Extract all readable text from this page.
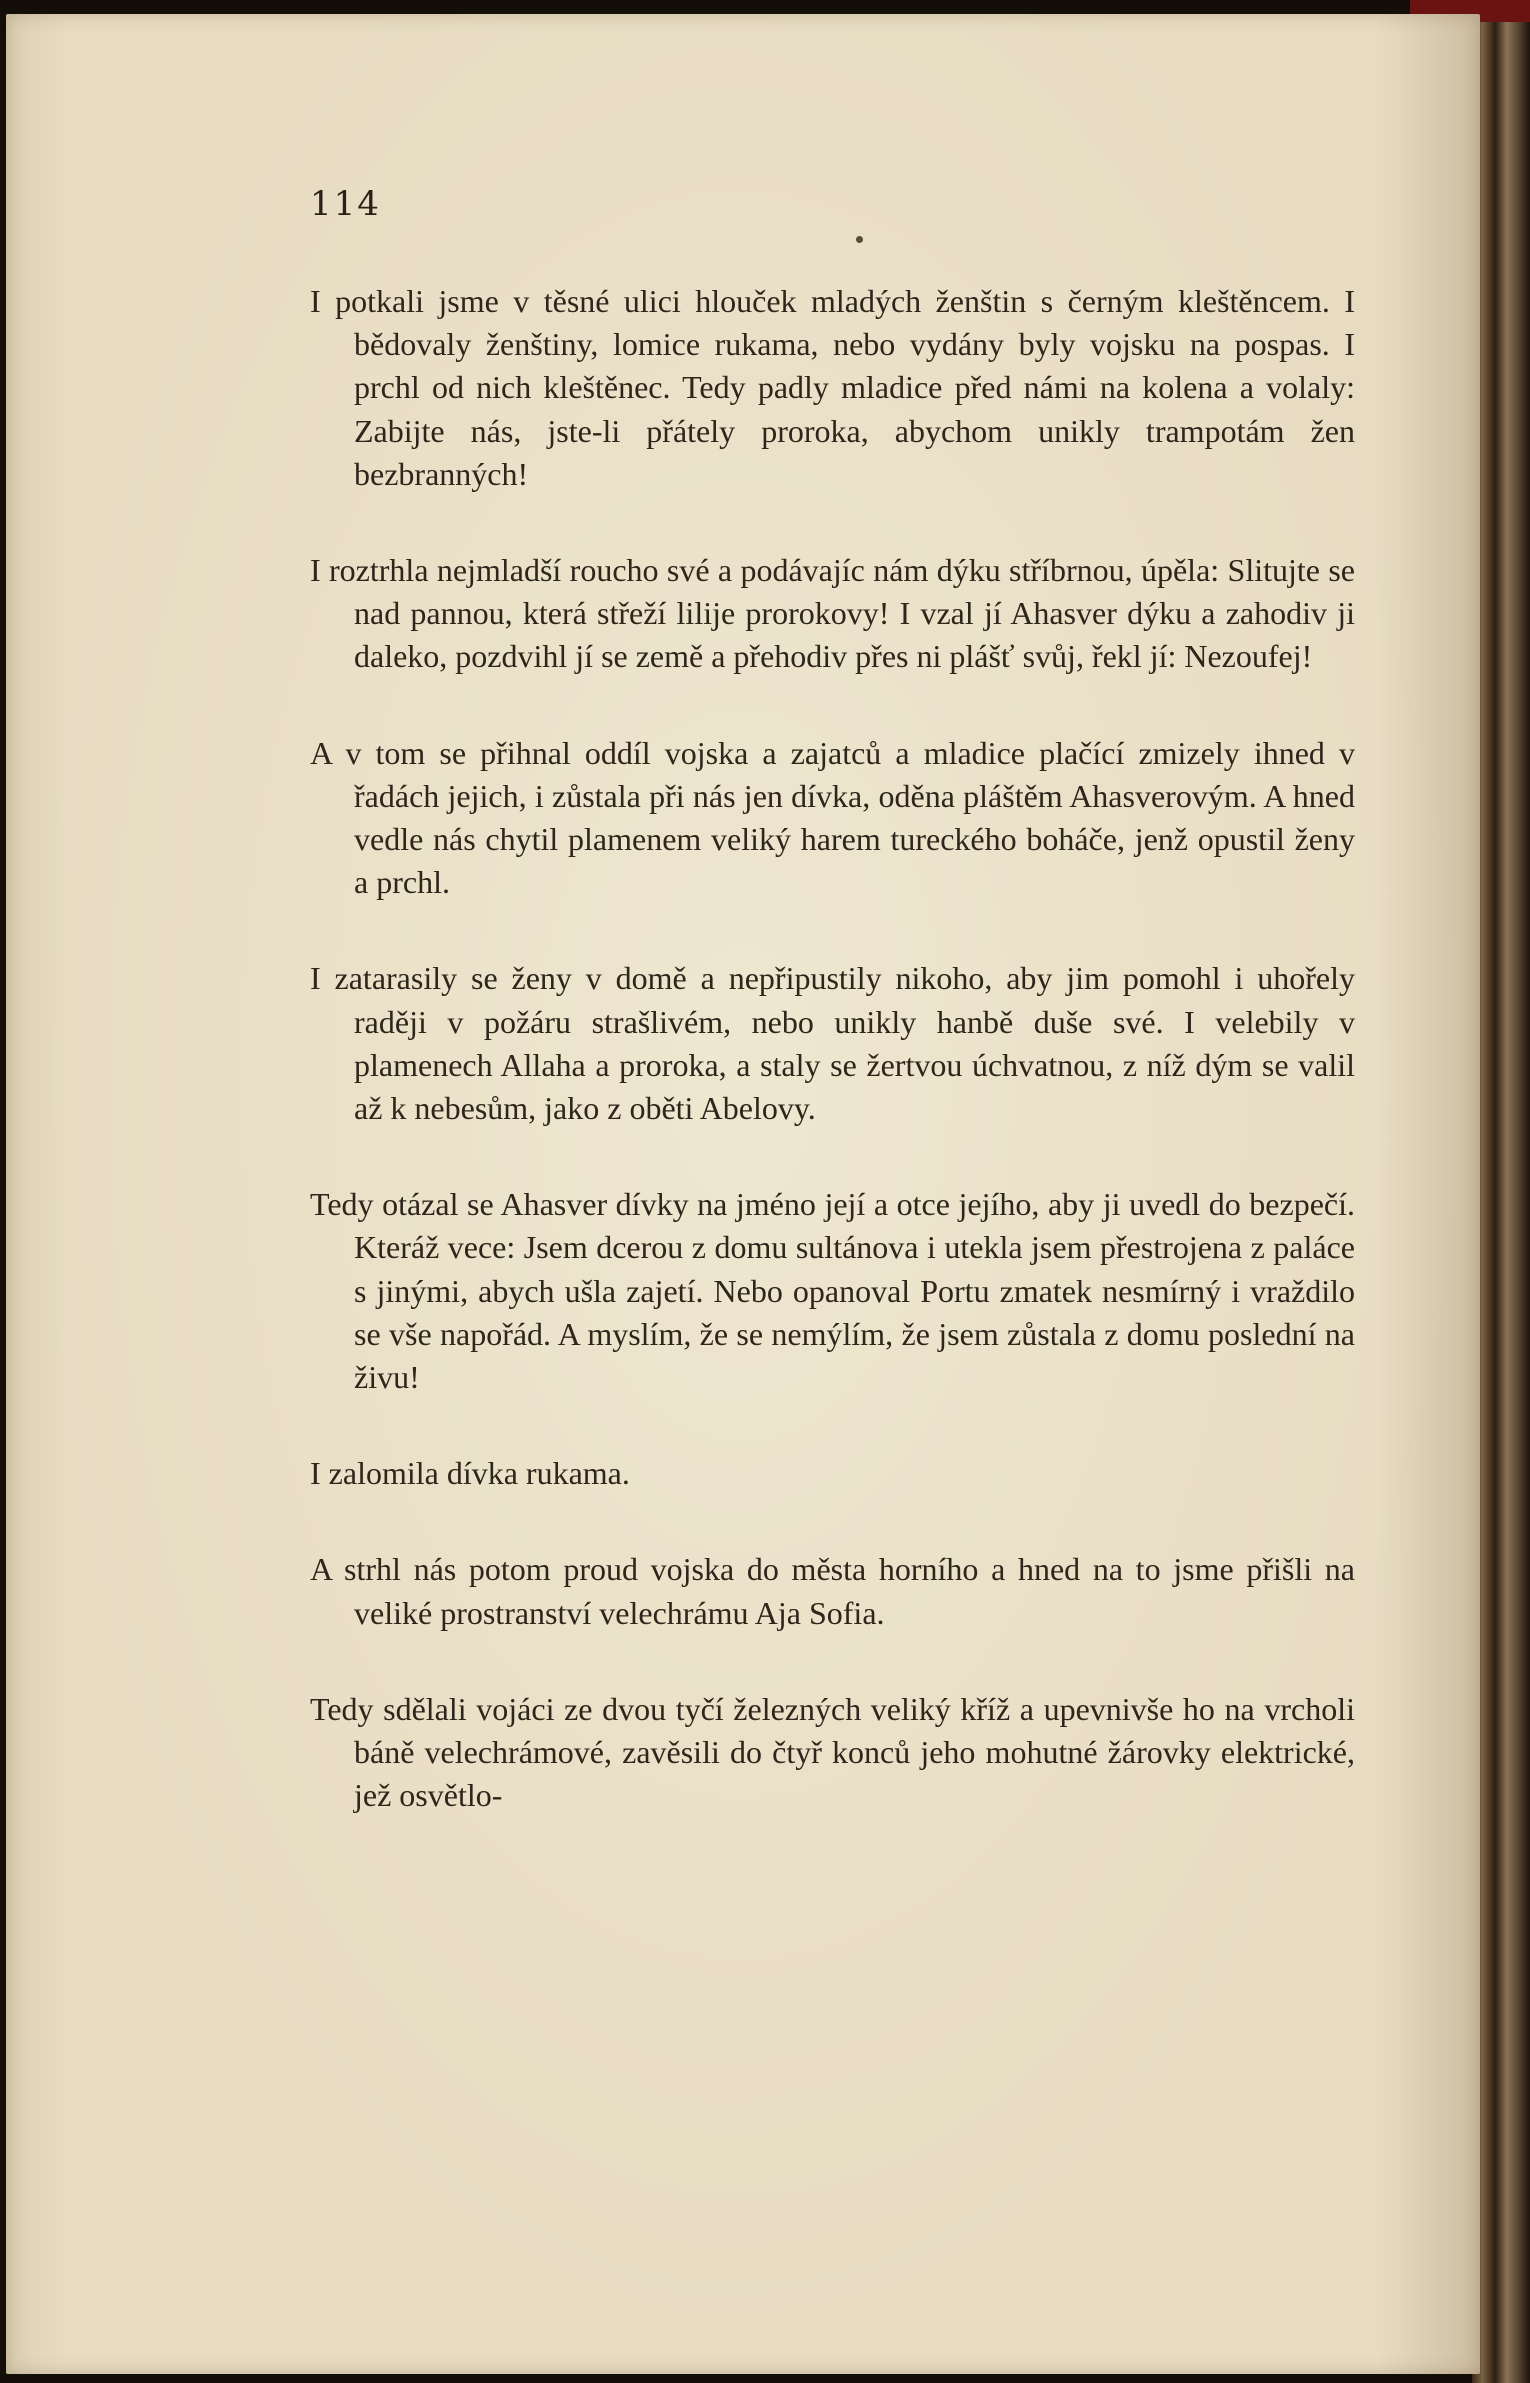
114

I potkali jsme v těsné ulici hlouček mladých ženštin s černým kleštěncem. I bědovaly ženštiny, lomice rukama, nebo vydány byly vojsku na pospas. I prchl od nich kleštěnec. Tedy padly mladice před námi na kolena a volaly: Zabijte nás, jste-li přátely proroka, abychom unikly trampotám žen bezbranných!

I roztrhla nejmladší roucho své a podávajíc nám dýku stříbrnou, úpěla: Slitujte se nad pannou, která střeží lilije prorokovy! I vzal jí Ahasver dýku a zahodiv ji daleko, pozdvihl jí se země a přehodiv přes ni plášť svůj, řekl jí: Nezoufej!

A v tom se přihnal oddíl vojska a zajatců a mladice plačící zmizely ihned v řadách jejich, i zůstala při nás jen dívka, oděna pláštěm Ahasverovým. A hned vedle nás chytil plamenem veliký harem tureckého boháče, jenž opustil ženy a prchl.

I zatarasily se ženy v domě a nepřipustily nikoho, aby jim pomohl i uhořely raději v požáru strašlivém, nebo unikly hanbě duše své. I velebily v plamenech Allaha a proroka, a staly se žertvou úchvatnou, z níž dým se valil až k nebesům, jako z oběti Abelovy.

Tedy otázal se Ahasver dívky na jméno její a otce jejího, aby ji uvedl do bezpečí. Kteráž vece: Jsem dcerou z domu sultánova i utekla jsem přestrojena z paláce s jinými, abych ušla zajetí. Nebo opanoval Portu zmatek nesmírný i vraždilo se vše napořád. A myslím, že se nemýlím, že jsem zůstala z domu poslední na živu!

I zalomila dívka rukama.

A strhl nás potom proud vojska do města horního a hned na to jsme přišli na veliké prostranství velechrámu Aja Sofia.

Tedy sdělali vojáci ze dvou tyčí železných veliký kříž a upevnivše ho na vrcholi báně velechrámové, zavěsili do čtyř konců jeho mohutné žárovky elektrické, jež osvětlo-
